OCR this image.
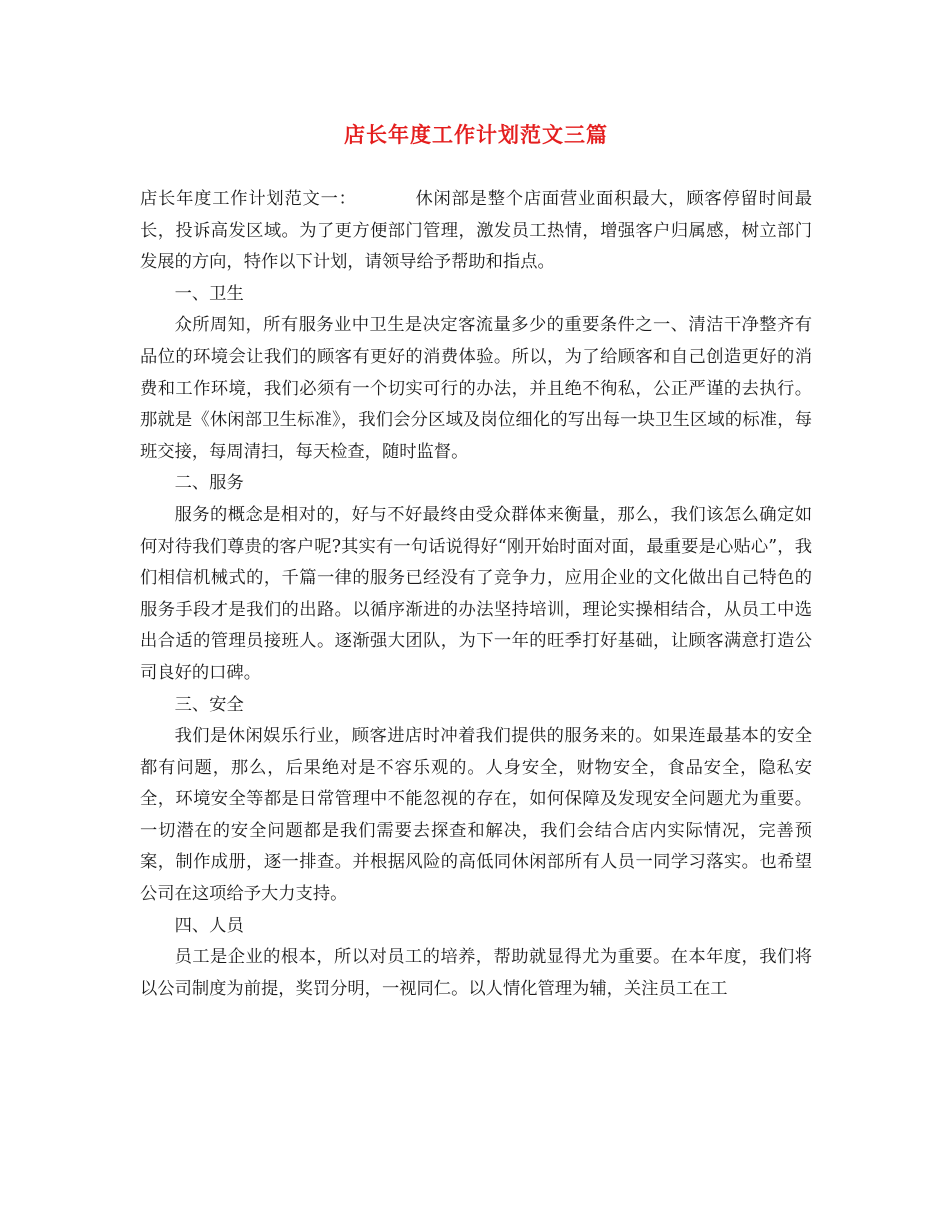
店长年度工作计划范文三篇

店长年度工作计划范文一：	休闲部是整个店面营业面积最大，顾客停留时间最长，投诉高发区域。为了更方便部门管理，激发员工热情，增强客户归属感，树立部门发展的方向，特作以下计划，请领导给予帮助和指点。

一、卫生

众所周知，所有服务业中卫生是决定客流量多少的重要条件之一、清洁干净整齐有品位的环境会让我们的顾客有更好的消费体验。所以，为了给顾客和自己创造更好的消费和工作环境，我们必须有一个切实可行的办法，并且绝不徇私，公正严谨的去执行。那就是《休闲部卫生标准》，我们会分区域及岗位细化的写出每一块卫生区域的标准，每班交接，每周清扫，每天检查，随时监督。

二、服务

服务的概念是相对的，好与不好最终由受众群体来衡量，那么，我们该怎么确定如何对待我们尊贵的客户呢?其实有一句话说得好“刚开始时面对面，最重要是心贴心”，我们相信机械式的，千篇一律的服务已经没有了竞争力，应用企业的文化做出自己特色的服务手段才是我们的出路。以循序渐进的办法坚持培训，理论实操相结合，从员工中选出合适的管理员接班人。逐渐强大团队，为下一年的旺季打好基础，让顾客满意打造公司良好的口碑。

三、安全

我们是休闲娱乐行业，顾客进店时冲着我们提供的服务来的。如果连最基本的安全都有问题，那么，后果绝对是不容乐观的。人身安全，财物安全，食品安全，隐私安全，环境安全等都是日常管理中不能忽视的存在，如何保障及发现安全问题尤为重要。一切潜在的安全问题都是我们需要去探查和解决，我们会结合店内实际情况，完善预案，制作成册，逐一排查。并根据风险的高低同休闲部所有人员一同学习落实。也希望公司在这项给予大力支持。

四、人员

员工是企业的根本，所以对员工的培养，帮助就显得尤为重要。在本年度，我们将以公司制度为前提，奖罚分明，一视同仁。以人情化管理为辅，关注员工在工
